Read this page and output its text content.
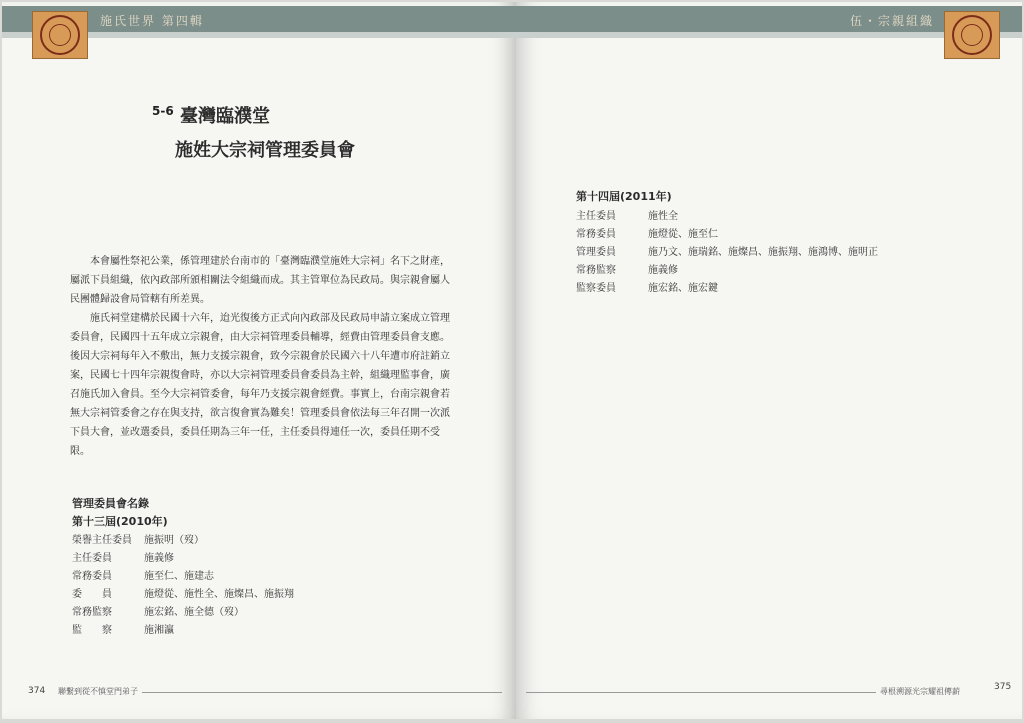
施氏世界 第四輯
$^{5-6}$ 臺灣臨濮堂
施姓大宗祠管理委員會

本會屬性祭祀公業，係管理建於台南市的「臺灣臨濮堂施姓大宗祠」名下之財產，屬派下員組織，依內政部所頒相關法令組織而成。其主管單位為民政局。與宗親會屬人民團體歸設會局管轄有所差異。

施氏祠堂建構於民國十六年，迨光復後方正式向內政部及民政局申請立案成立管理委員會，民國四十五年成立宗親會，由大宗祠管理委員輔導，經費由管理委員會支應。後因大宗祠每年入不敷出，無力支援宗親會，致今宗親會於民國六十八年遭市府註銷立案，民國七十四年宗親復會時，亦以大宗祠管理委員會委員為主幹，組織理監事會，廣召施氏加入會員。至今大宗祠管委會，每年乃支援宗親會經費。事實上，台南宗親會若無大宗祠管委會之存在與支持，欲言復會實為難矣！管理委員會依法每三年召開一次派下員大會，並改選委員，委員任期為三年一任，主任委員得連任一次，委員任期不受限。

管理委員會名錄
第十三屆(2010年)
榮譽主任委員	施振明（歿）
主任委員	施義修
常務委員	施至仁、施建志
委　　員	施燈從、施性全、施燦昌、施振翔
常務監察	施宏銘、施全德（歿）
監　　察	施湘瀛
374 聯繫到從不慎堂門弟子
伍・宗親組織
第十四屆(2011年)
主任委員	施性全
常務委員	施燈從、施至仁
管理委員	施乃文、施瑞銘、施燦昌、施振翔、施鴻博、施明正
常務監察	施義修
監察委員	施宏銘、施宏鍵
尋根溯源光宗耀祖傳薪	375
